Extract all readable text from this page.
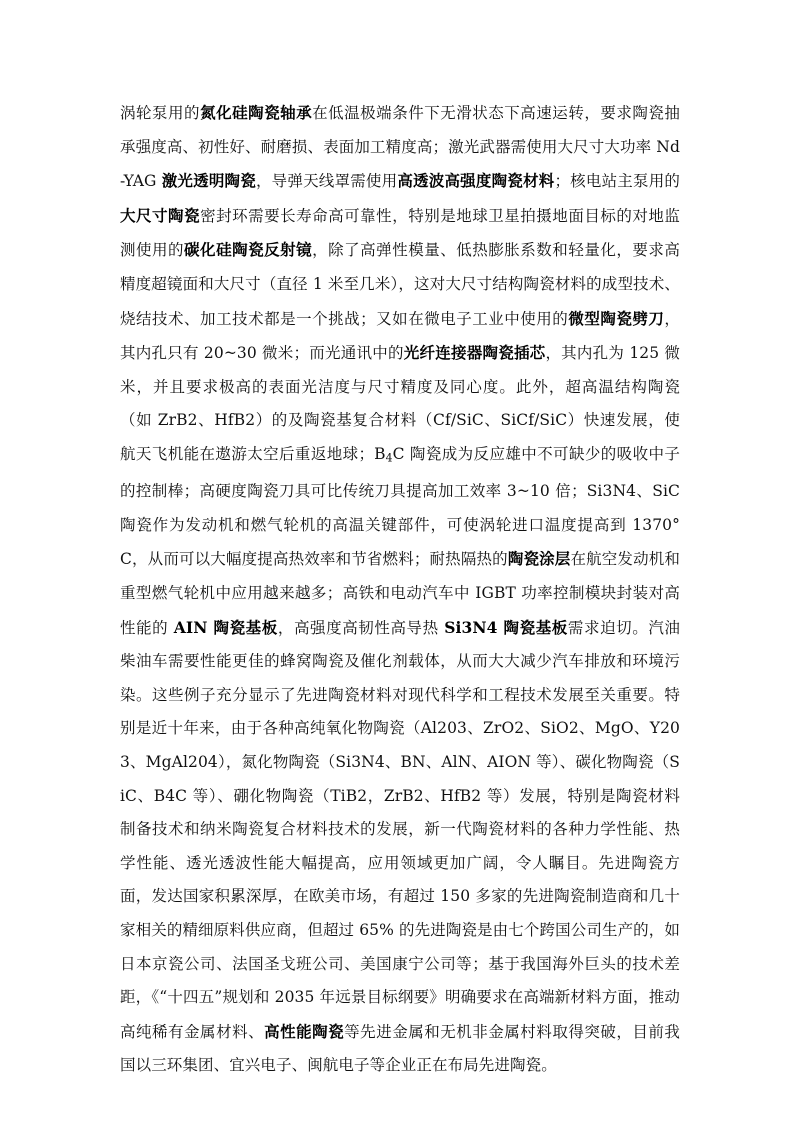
涡轮泵用的氮化硅陶瓷轴承在低温极端条件下无滑状态下高速运转，要求陶瓷抽承强度高、初性好、耐磨损、表面加工精度高；激光武器需使用大尺寸大功率 Nd-YAG 激光透明陶瓷，导弹天线罩需使用高透波高强度陶瓷材料；核电站主泵用的大尺寸陶瓷密封环需要长寿命高可靠性，特别是地球卫星拍摄地面目标的对地监测使用的碳化硅陶瓷反射镜，除了高弹性模量、低热膨胀系数和轻量化，要求高精度超镜面和大尺寸（直径 1 米至几米），这对大尺寸结构陶瓷材料的成型技术、烧结技术、加工技术都是一个挑战；又如在微电子工业中使用的微型陶瓷劈刀，其内孔只有 20~30 微米；而光通讯中的光纤连接器陶瓷插芯，其内孔为 125 微米，并且要求极高的表面光洁度与尺寸精度及同心度。此外，超高温结构陶瓷（如 ZrB2、HfB2）的及陶瓷基复合材料（Cf/SiC、SiCf/SiC）快速发展，使航天飞机能在遨游太空后重返地球；$B_4C$ 陶瓷成为反应雄中不可缺少的吸收中子的控制棒；高硬度陶瓷刀具可比传统刀具提高加工效率 3~10 倍；Si3N4、SiC 陶瓷作为发动机和燃气轮机的高温关键部件，可使涡轮进口温度提高到 1370°C，从而可以大幅度提高热效率和节省燃料；耐热隔热的陶瓷涂层在航空发动机和重型燃气轮机中应用越来越多；高铁和电动汽车中 IGBT 功率控制模块封装对高性能的 AIN 陶瓷基板，高强度高韧性高导热 Si3N4 陶瓷基板需求迫切。汽油柴油车需要性能更佳的蜂窝陶瓷及催化剂载体，从而大大减少汽车排放和环境污染。这些例子充分显示了先进陶瓷材料对现代科学和工程技术发展至关重要。特别是近十年来，由于各种高纯氧化物陶瓷（Al203、ZrO2、SiO2、MgO、Y203、MgAl204），氮化物陶瓷（Si3N4、BN、AlN、AION 等）、碳化物陶瓷（SiC、B4C 等）、硼化物陶瓷（TiB2，ZrB2、HfB2 等）发展，特别是陶瓷材料制备技术和纳米陶瓷复合材料技术的发展，新一代陶瓷材料的各种力学性能、热学性能、透光透波性能大幅提高，应用领域更加广阔，令人瞩目。先进陶瓷方面，发达国家积累深厚，在欧美市场，有超过 150 多家的先进陶瓷制造商和几十家相关的精细原料供应商，但超过 65% 的先进陶瓷是由七个跨国公司生产的，如日本京瓷公司、法国圣戈班公司、美国康宁公司等；基于我国海外巨头的技术差距，《“十四五”规划和 2035 年远景目标纲要》明确要求在高端新材料方面，推动高纯稀有金属材料、高性能陶瓷等先进金属和无机非金属村料取得突破，目前我国以三环集团、宜兴电子、闽航电子等企业正在布局先进陶瓷。
